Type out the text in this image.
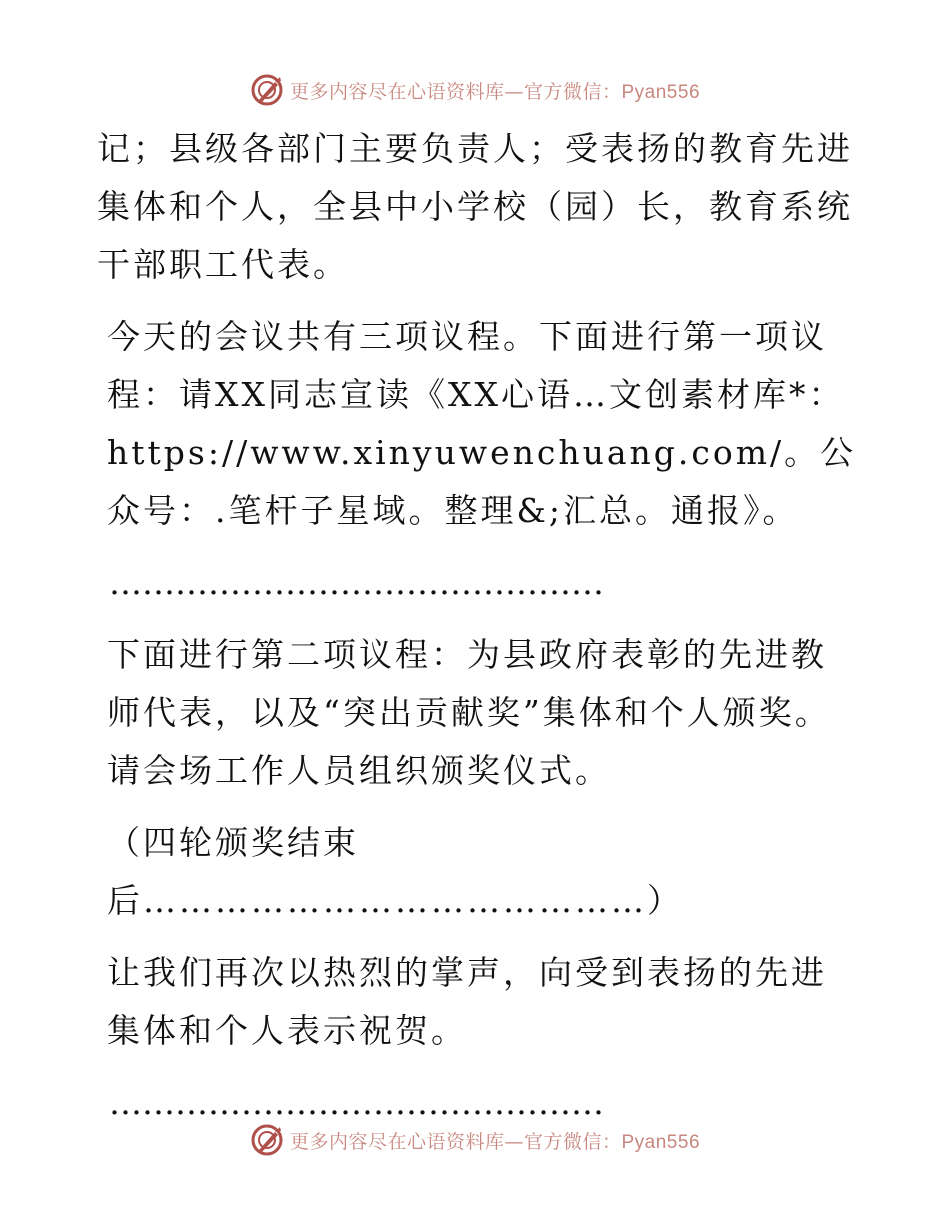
更多内容尽在心语资料库—官方微信：Pyan556

记；县级各部门主要负责人；受表扬的教育先进集体和个人，全县中小学校（园）长，教育系统干部职工代表。

今天的会议共有三项议程。下面进行第一项议程：请XX同志宣读《XX心语…文创素材库*：https://www.xinyuwenchuang.com/。公众号：.笔杆子星域。整理&;汇总。通报》。

………………………………………

下面进行第二项议程：为县政府表彰的先进教师代表，以及“突出贡献奖”集体和个人颁奖。请会场工作人员组织颁奖仪式。

（四轮颁奖结束后……………………………………）

让我们再次以热烈的掌声，向受到表扬的先进集体和个人表示祝贺。

………………………………………

更多内容尽在心语资料库—官方微信：Pyan556
